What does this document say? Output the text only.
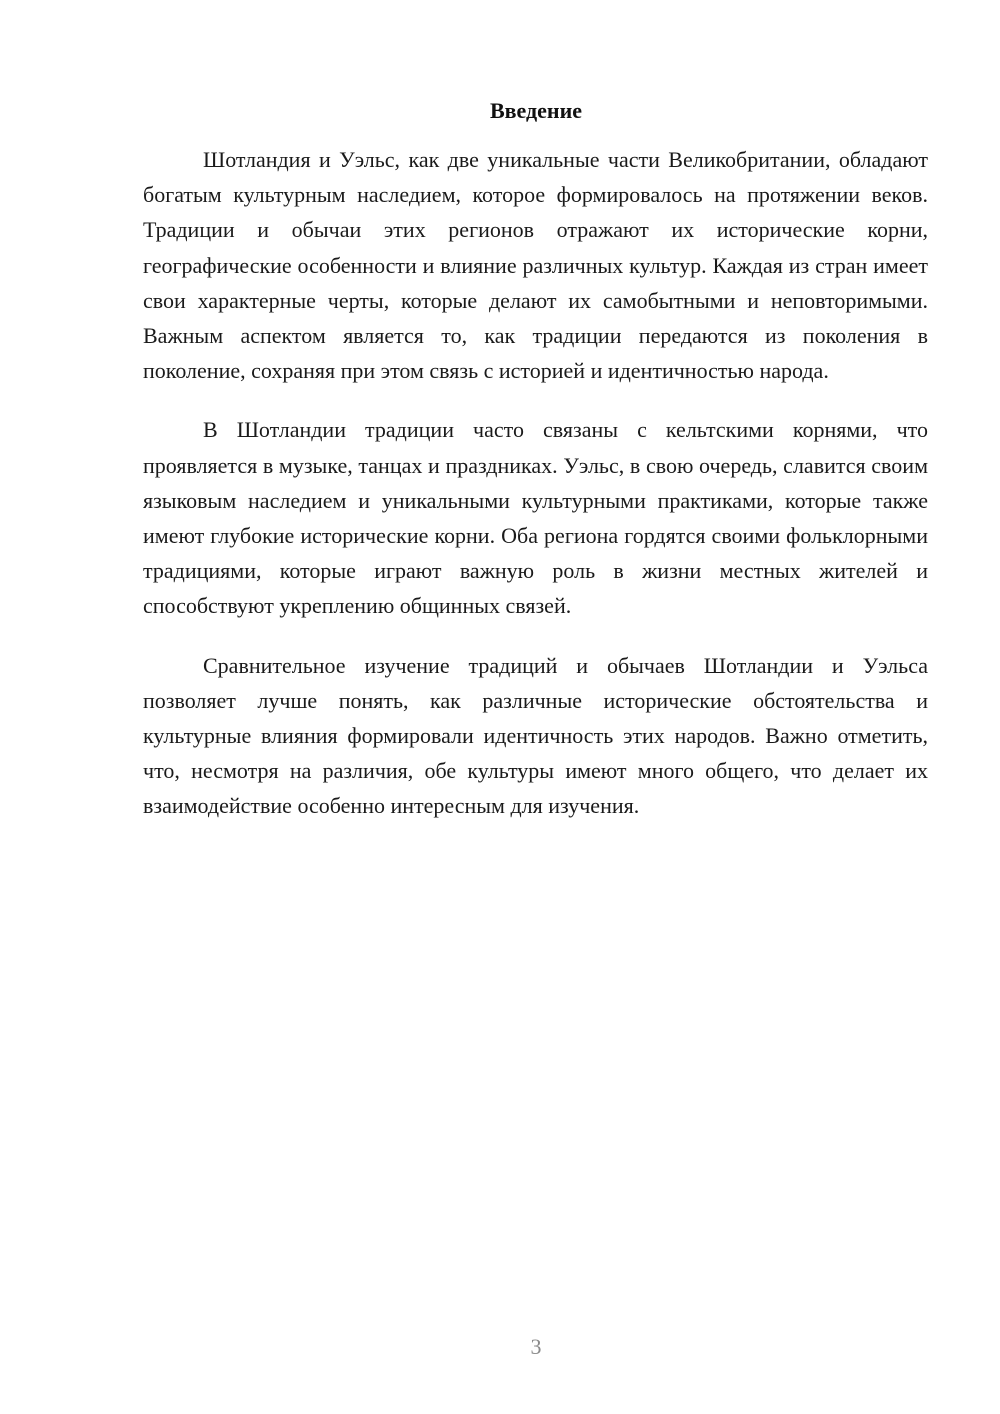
Введение

Шотландия и Уэльс, как две уникальные части Великобритании, обладают богатым культурным наследием, которое формировалось на протяжении веков. Традиции и обычаи этих регионов отражают их исторические корни, географические особенности и влияние различных культур. Каждая из стран имеет свои характерные черты, которые делают их самобытными и неповторимыми. Важным аспектом является то, как традиции передаются из поколения в поколение, сохраняя при этом связь с историей и идентичностью народа.

В Шотландии традиции часто связаны с кельтскими корнями, что проявляется в музыке, танцах и праздниках. Уэльс, в свою очередь, славится своим языковым наследием и уникальными культурными практиками, которые также имеют глубокие исторические корни. Оба региона гордятся своими фольклорными традициями, которые играют важную роль в жизни местных жителей и способствуют укреплению общинных связей.

Сравнительное изучение традиций и обычаев Шотландии и Уэльса позволяет лучше понять, как различные исторические обстоятельства и культурные влияния формировали идентичность этих народов. Важно отметить, что, несмотря на различия, обе культуры имеют много общего, что делает их взаимодействие особенно интересным для изучения.

3
